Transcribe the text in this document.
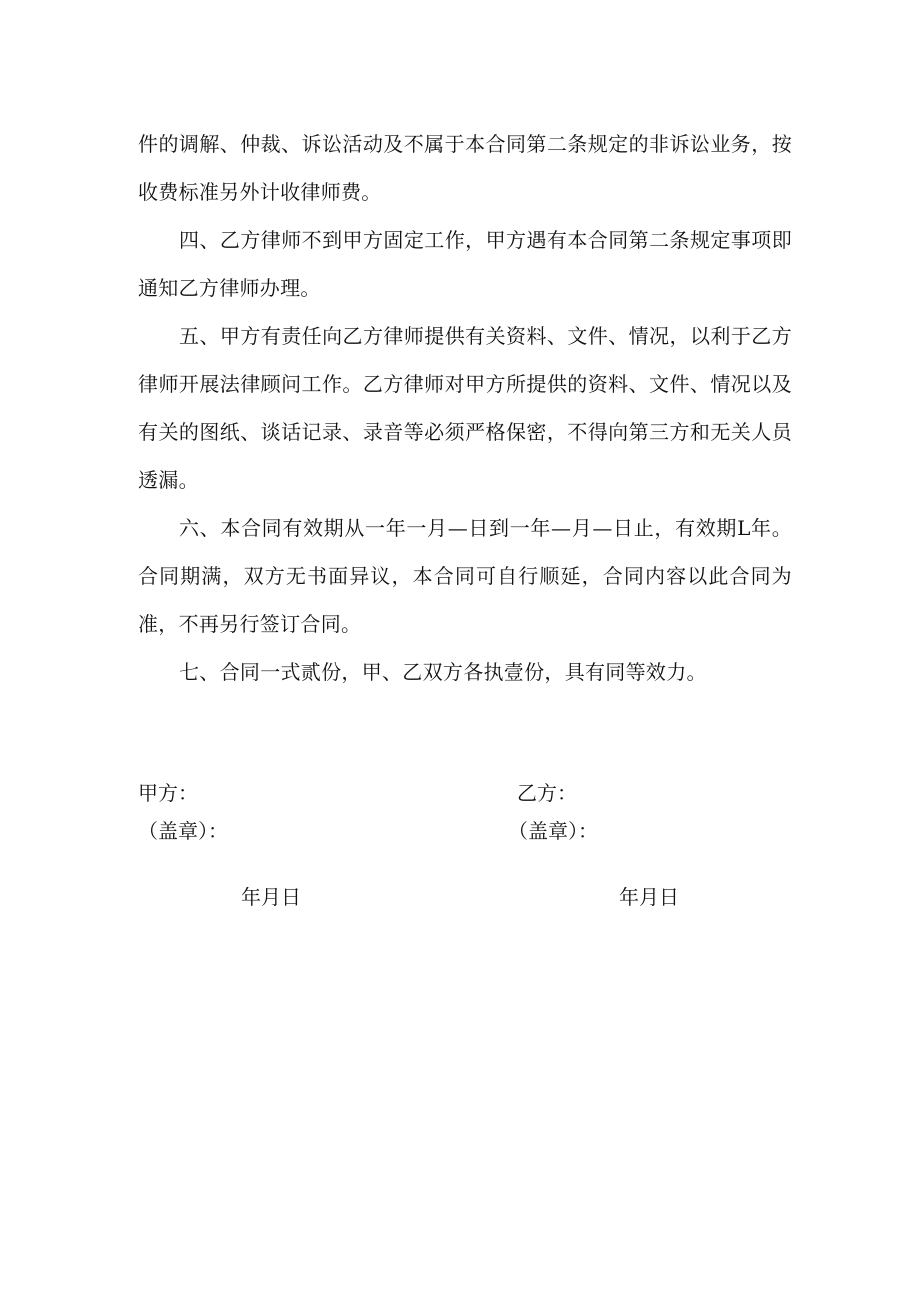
件的调解、仲裁、诉讼活动及不属于本合同第二条规定的非诉讼业务，按收费标准另外计收律师费。

四、乙方律师不到甲方固定工作，甲方遇有本合同第二条规定事项即通知乙方律师办理。

五、甲方有责任向乙方律师提供有关资料、文件、情况，以利于乙方律师开展法律顾问工作。乙方律师对甲方所提供的资料、文件、情况以及有关的图纸、谈话记录、录音等必须严格保密，不得向第三方和无关人员透漏。

六、本合同有效期从一年一月—日到一年—月—日止，有效期L年。合同期满，双方无书面异议，本合同可自行顺延，合同内容以此合同为准，不再另行签订合同。

七、合同一式贰份，甲、乙双方各执壹份，具有同等效力。

甲方：
（盖章）：
年月日
乙方：
（盖章）：
年月日
